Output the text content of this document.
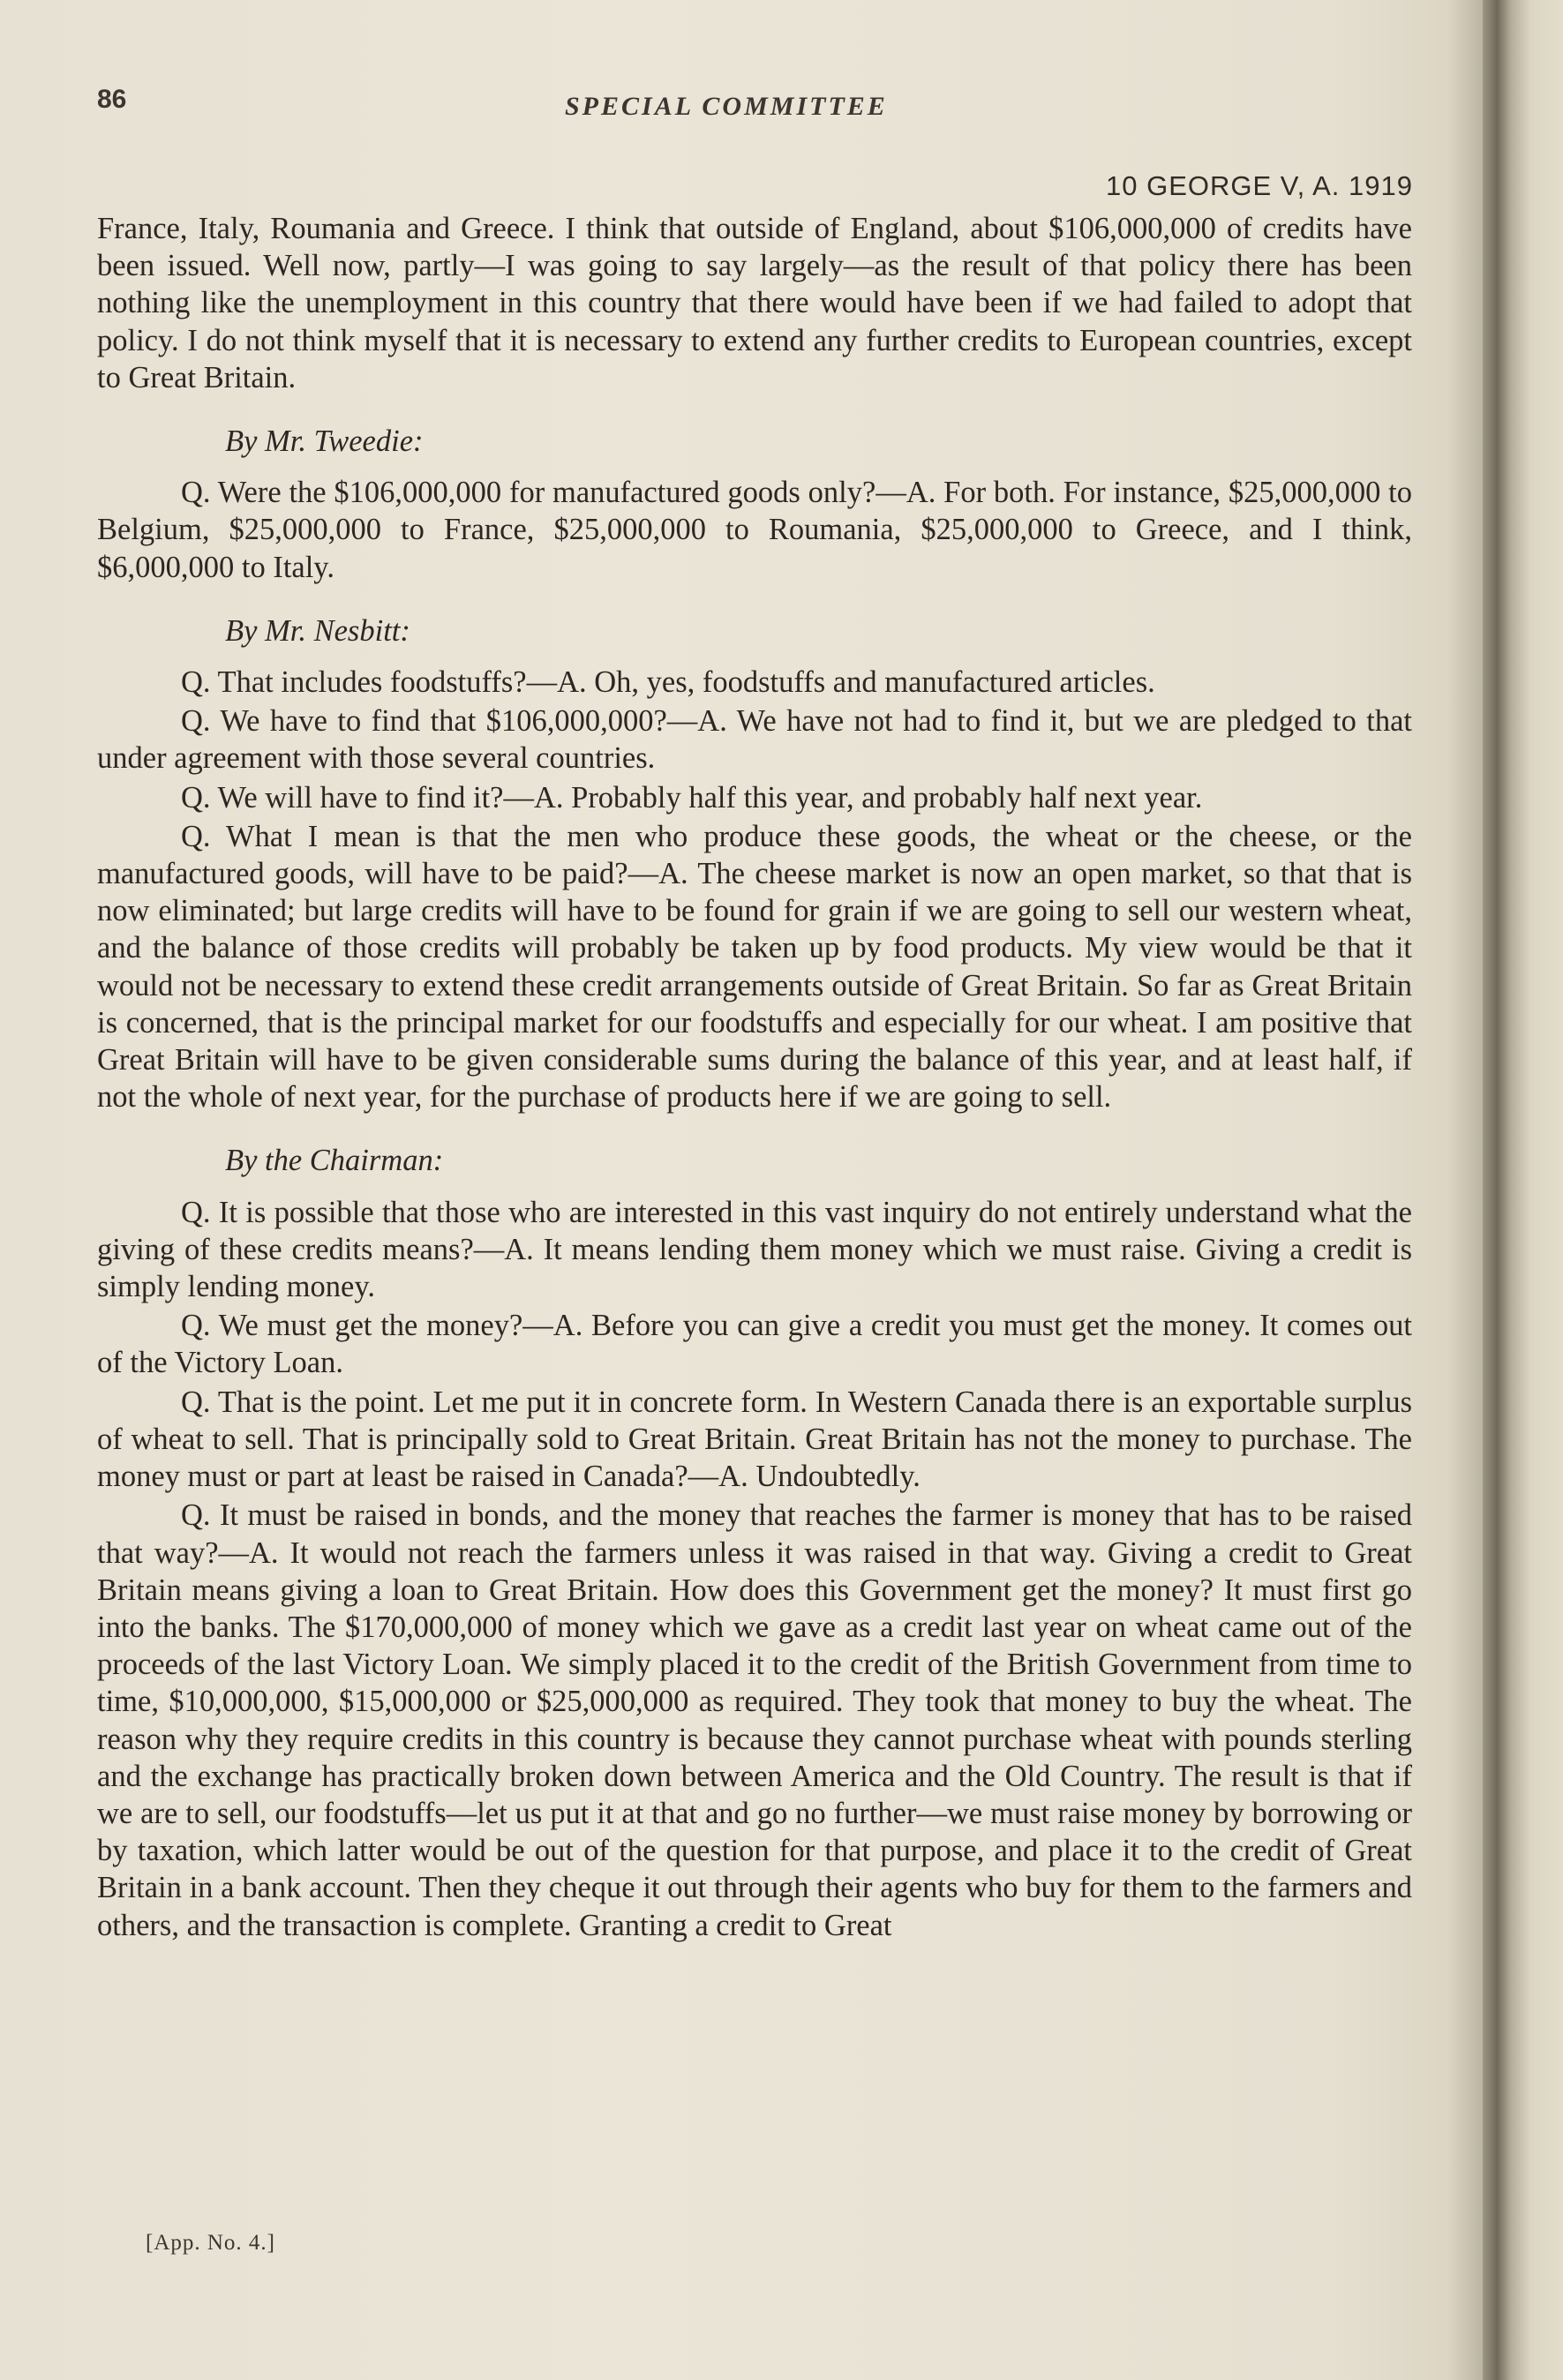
86	SPECIAL COMMITTEE
10 GEORGE V, A. 1919

France, Italy, Roumania and Greece. I think that outside of England, about $106,000,000 of credits have been issued. Well now, partly—I was going to say largely—as the result of that policy there has been nothing like the unemployment in this country that there would have been if we had failed to adopt that policy. I do not think myself that it is necessary to extend any further credits to European countries, except to Great Britain.

By Mr. Tweedie:

Q. Were the $106,000,000 for manufactured goods only?—A. For both. For instance, $25,000,000 to Belgium, $25,000,000 to France, $25,000,000 to Roumania, $25,000,000 to Greece, and I think, $6,000,000 to Italy.

By Mr. Nesbitt:

Q. That includes foodstuffs?—A. Oh, yes, foodstuffs and manufactured articles.

Q. We have to find that $106,000,000?—A. We have not had to find it, but we are pledged to that under agreement with those several countries.

Q. We will have to find it?—A. Probably half this year, and probably half next year.

Q. What I mean is that the men who produce these goods, the wheat or the cheese, or the manufactured goods, will have to be paid?—A. The cheese market is now an open market, so that that is now eliminated; but large credits will have to be found for grain if we are going to sell our western wheat, and the balance of those credits will probably be taken up by food products. My view would be that it would not be necessary to extend these credit arrangements outside of Great Britain. So far as Great Britain is concerned, that is the principal market for our foodstuffs and especially for our wheat. I am positive that Great Britain will have to be given considerable sums during the balance of this year, and at least half, if not the whole of next year, for the purchase of products here if we are going to sell.

By the Chairman:

Q. It is possible that those who are interested in this vast inquiry do not entirely understand what the giving of these credits means?—A. It means lending them money which we must raise. Giving a credit is simply lending money.

Q. We must get the money?—A. Before you can give a credit you must get the money. It comes out of the Victory Loan.

Q. That is the point. Let me put it in concrete form. In Western Canada there is an exportable surplus of wheat to sell. That is principally sold to Great Britain. Great Britain has not the money to purchase. The money must or part at least be raised in Canada?—A. Undoubtedly.

Q. It must be raised in bonds, and the money that reaches the farmer is money that has to be raised that way?—A. It would not reach the farmers unless it was raised in that way. Giving a credit to Great Britain means giving a loan to Great Britain. How does this Government get the money? It must first go into the banks. The $170,000,000 of money which we gave as a credit last year on wheat came out of the proceeds of the last Victory Loan. We simply placed it to the credit of the British Government from time to time, $10,000,000, $15,000,000 or $25,000,000 as required. They took that money to buy the wheat. The reason why they require credits in this country is because they cannot purchase wheat with pounds sterling and the exchange has practically broken down between America and the Old Country. The result is that if we are to sell, our foodstuffs—let us put it at that and go no further—we must raise money by borrowing or by taxation, which latter would be out of the question for that purpose, and place it to the credit of Great Britain in a bank account. Then they cheque it out through their agents who buy for them to the farmers and others, and the transaction is complete. Granting a credit to Great

[App. No. 4.]
